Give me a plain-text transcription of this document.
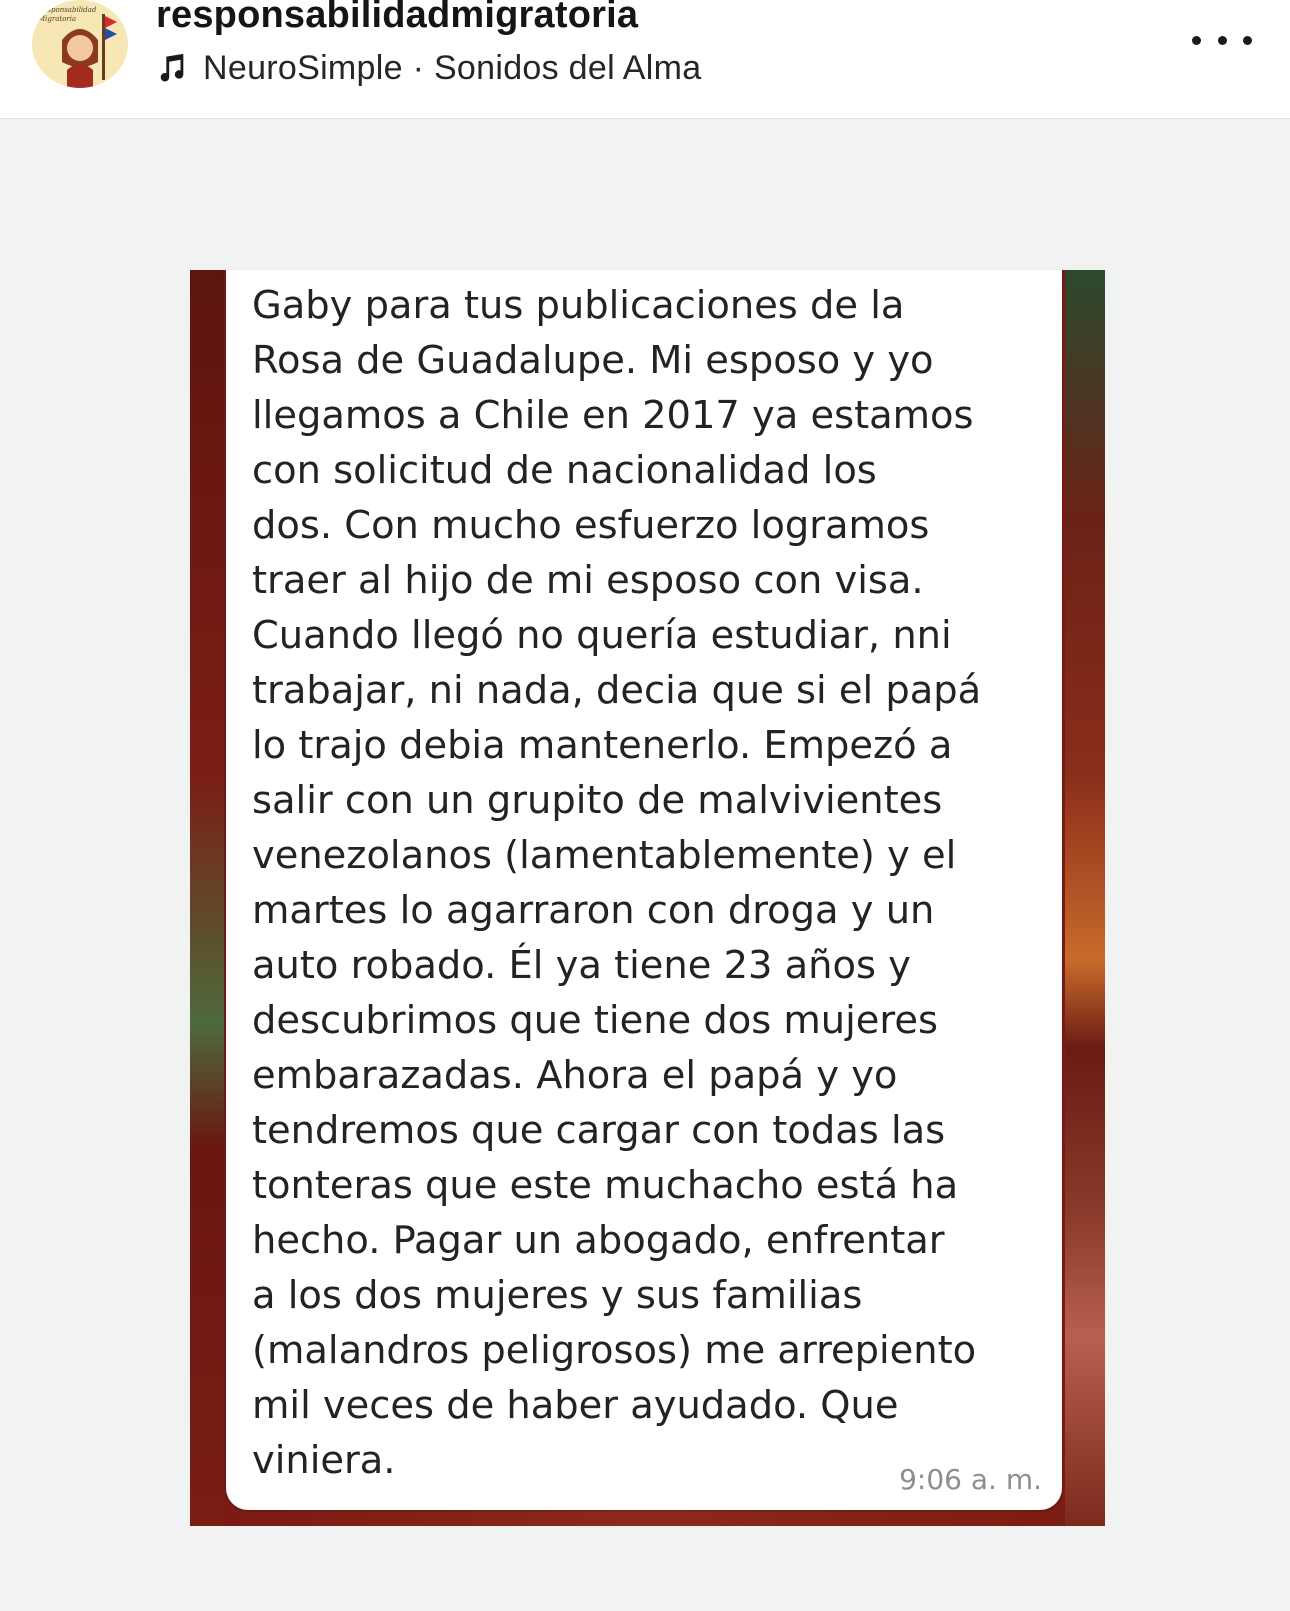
Responsabilidad
Migratoria	responsabilidadmigratoria
NeuroSimple · Sonidos del Alma
Gaby para tus publicaciones de la
Rosa de Guadalupe. Mi esposo y yo
llegamos a Chile en 2017 ya estamos
con solicitud de nacionalidad los
dos. Con mucho esfuerzo logramos
traer al hijo de mi esposo con visa.
Cuando llegó no quería estudiar, nni
trabajar, ni nada, decia que si el papá
lo trajo debia mantenerlo. Empezó a
salir con un grupito de malvivientes
venezolanos (lamentablemente) y el
martes lo agarraron con droga y un
auto robado. Él ya tiene 23 años y
descubrimos que tiene dos mujeres
embarazadas. Ahora el papá y yo
tendremos que cargar con todas las
tonteras que este muchacho está ha
hecho. Pagar un abogado, enfrentar
a los dos mujeres y sus familias
(malandros peligrosos) me arrepiento
mil veces de haber ayudado. Que
viniera.	9:06 a. m.
